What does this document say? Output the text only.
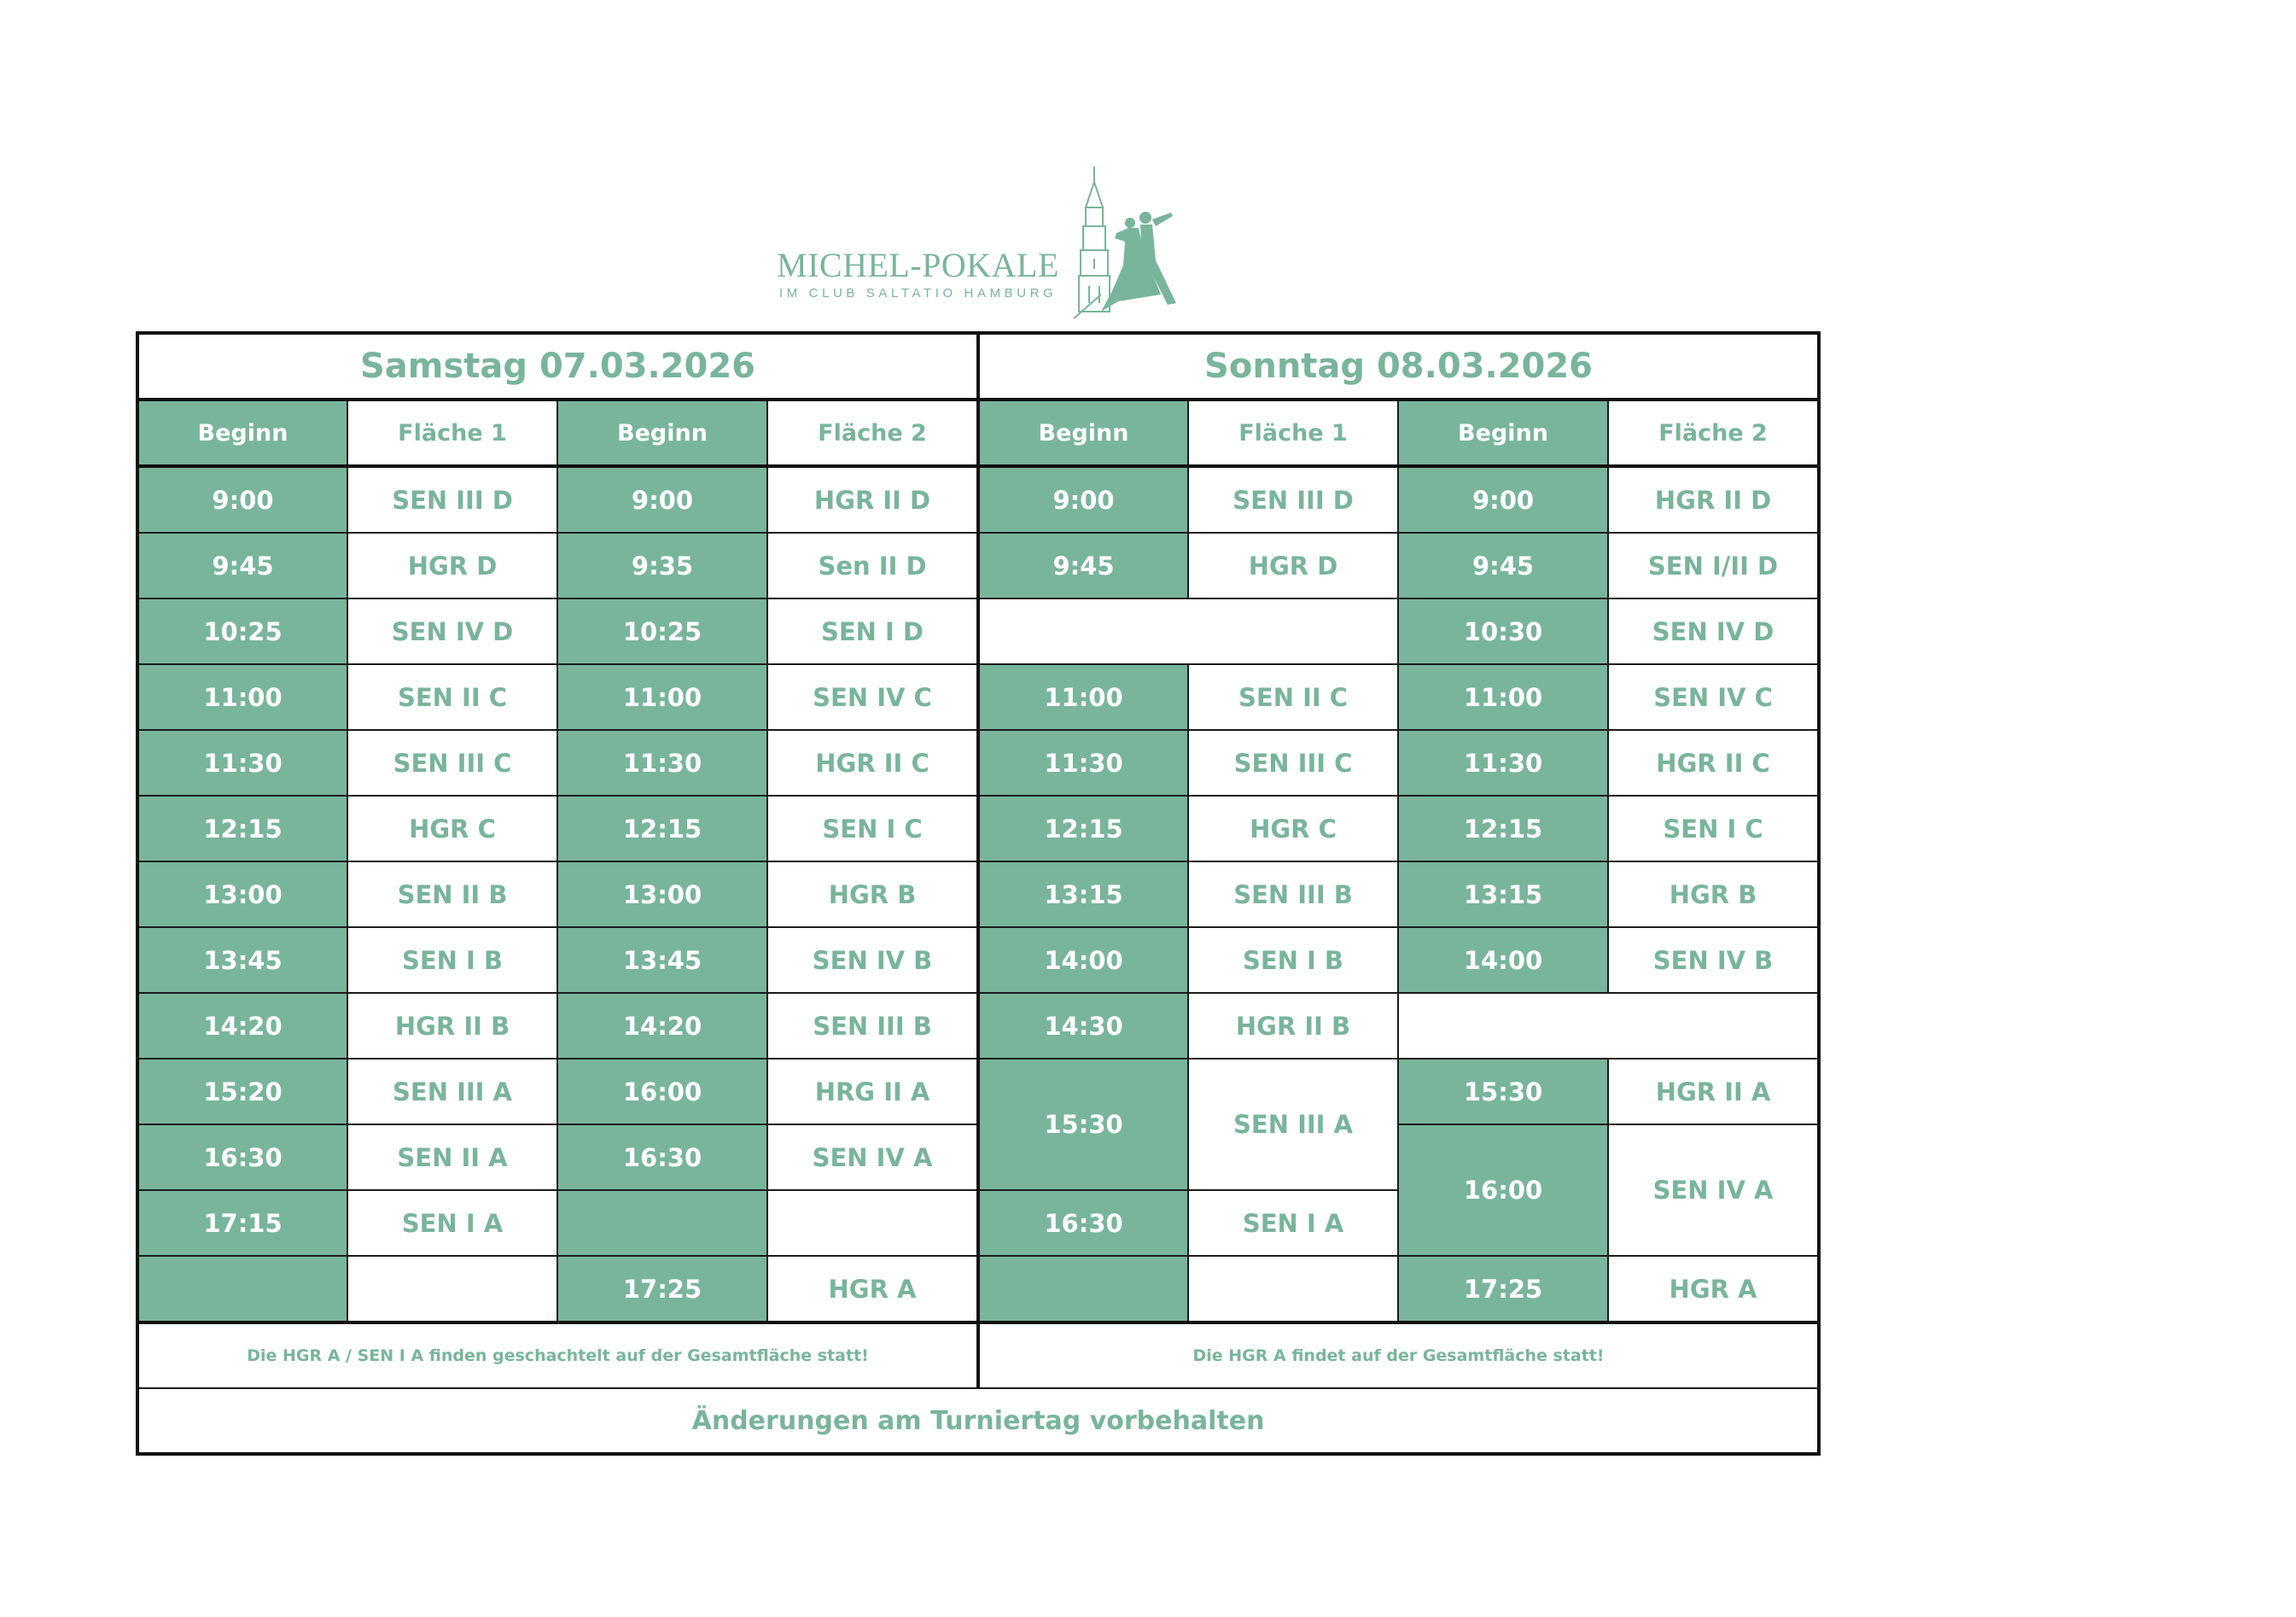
MICHEL-POKALE
IM CLUB SALTATIO HAMBURG
Samstag 07.03.2026				Sonntag 08.03.2026			
Beginn	Fläche 1	Beginn	Fläche 2	Beginn	Fläche 1	Beginn	Fläche 2
9:00	SEN III D	9:00	HGR II D	9:00	SEN III D	9:00	HGR II D
9:45	HGR D	9:35	Sen II D	9:45	HGR D	9:45	SEN I/II D
10:25	SEN IV D	10:25	SEN I D			10:30	SEN IV D
11:00	SEN II C	11:00	SEN IV C	11:00	SEN II C	11:00	SEN IV C
11:30	SEN III C	11:30	HGR II C	11:30	SEN III C	11:30	HGR II C
12:15	HGR C	12:15	SEN I C	12:15	HGR C	12:15	SEN I C
13:00	SEN II B	13:00	HGR B	13:15	SEN III B	13:15	HGR B
13:45	SEN I B	13:45	SEN IV B	14:00	SEN I B	14:00	SEN IV B
14:20	HGR II B	14:20	SEN III B	14:30	HGR II B		
15:20	SEN III A	16:00	HRG II A	15:30	SEN III A	15:30	HGR II A
16:30	SEN II A	16:30	SEN IV A			16:00	SEN IV A
17:15	SEN I A			16:30	SEN I A		
		17:25	HGR A			17:25	HGR A
Die HGR A / SEN I A finden geschachtelt auf der Gesamtfläche statt!				Die HGR A findet auf der Gesamtfläche statt!			
Änderungen am Turniertag vorbehalten							
